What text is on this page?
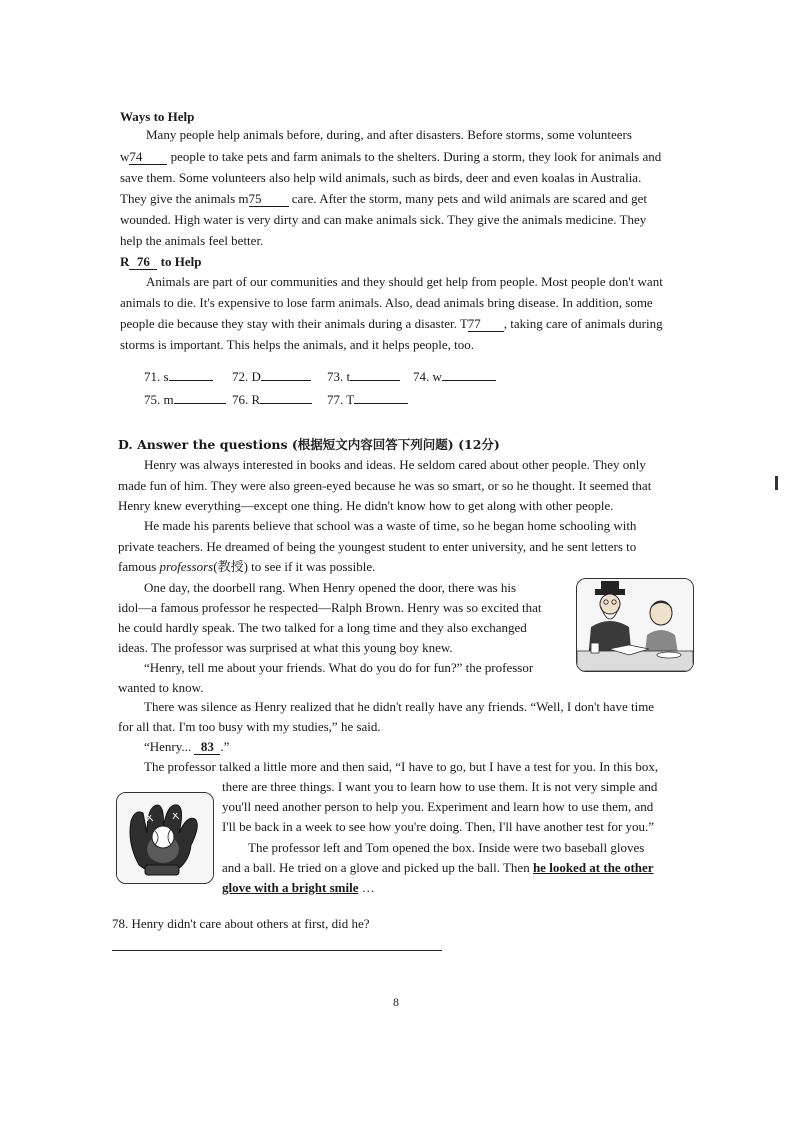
Ways to Help

Many people help animals before, during, and after disasters. Before storms, some volunteers

w74 people to take pets and farm animals to the shelters. During a storm, they look for animals and

save them. Some volunteers also help wild animals, such as birds, deer and even koalas in Australia.

They give the animals m75 care. After the storm, many pets and wild animals are scared and get

wounded. High water is very dirty and can make animals sick. They give the animals medicine. They

help the animals feel better.

R 76 to Help

Animals are part of our communities and they should get help from people. Most people don't want

animals to die. It's expensive to lose farm animals. Also, dead animals bring disease. In addition, some

people die because they stay with their animals during a disaster. T77 , taking care of animals during

storms is important. This helps the animals, and it helps people, too.

71. s	72. D	73. t	74. w
75. m	76. R	77. T
D. Answer the questions (根据短文内容回答下列问题) (12分)

Henry was always interested in books and ideas. He seldom cared about other people. They only

made fun of him. They were also green-eyed because he was so smart, or so he thought. It seemed that

Henry knew everything—except one thing. He didn't know how to get along with other people.

He made his parents believe that school was a waste of time, so he began home schooling with

private teachers. He dreamed of being the youngest student to enter university, and he sent letters to

famous professors(教授) to see if it was possible.

One day, the doorbell rang. When Henry opened the door, there was his

idol—a famous professor he respected—Ralph Brown. Henry was so excited that

he could hardly speak. The two talked for a long time and they also exchanged

ideas. The professor was surprised at what this young boy knew.

“Henry, tell me about your friends. What do you do for fun?” the professor

wanted to know.

There was silence as Henry realized that he didn't really have any friends. “Well, I don't have time

for all that. I'm too busy with my studies,” he said.

“Henry... 83 .”

The professor talked a little more and then said, “I have to go, but I have a test for you. In this box,

there are three things. I want you to learn how to use them. It is not very simple and

you'll need another person to help you. Experiment and learn how to use them, and

I'll be back in a week to see how you're doing. Then, I'll have another test for you.”

The professor left and Tom opened the box. Inside were two baseball gloves

and a ball. He tried on a glove and picked up the ball. Then he looked at the other

glove with a bright smile …

78. Henry didn't care about others at first, did he?

8
